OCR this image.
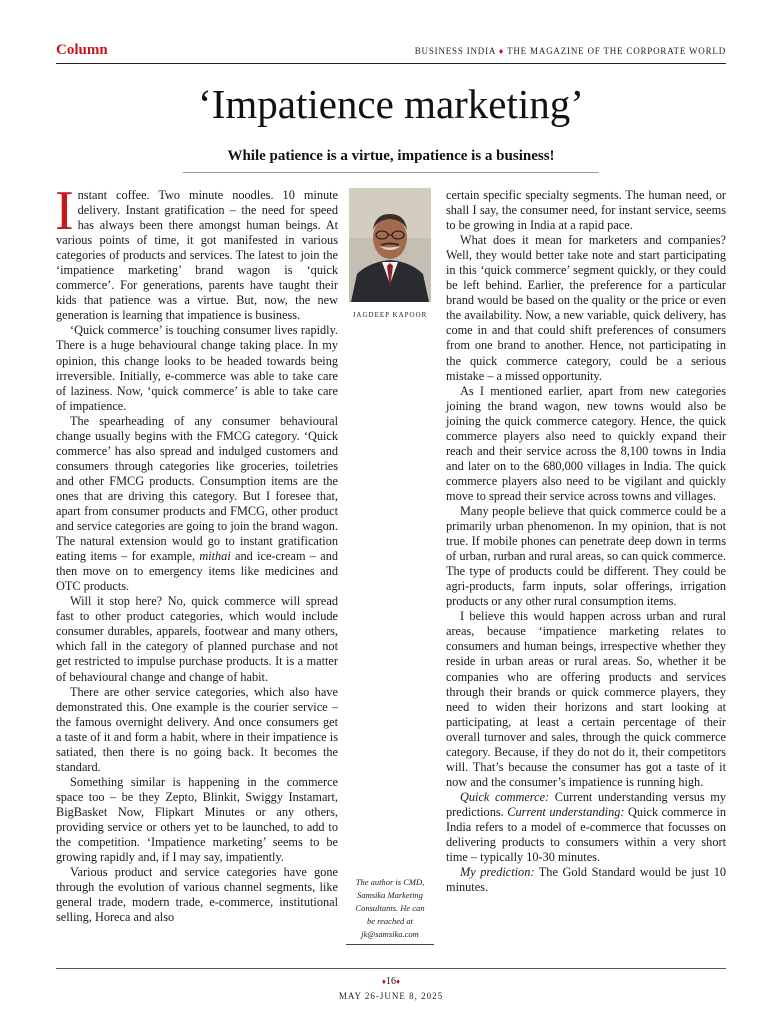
Column	BUSINESS INDIA ♦ THE MAGAZINE OF THE CORPORATE WORLD
‘Impatience marketing’
While patience is a virtue, impatience is a business!

Instant coffee. Two minute noodles. 10 minute delivery. Instant gratification – the need for speed has always been there amongst human beings. At various points of time, it got manifested in various categories of products and services. The latest to join the ‘impatience marketing’ brand wagon is ‘quick commerce’. For generations, parents have taught their kids that patience was a virtue. But, now, the new generation is learning that impatience is business.

‘Quick commerce’ is touching consumer lives rapidly. There is a huge behavioural change taking place. In my opinion, this change looks to be headed towards being irreversible. Initially, e-commerce was able to take care of laziness. Now, ‘quick commerce’ is able to take care of impatience.

The spearheading of any consumer behavioural change usually begins with the FMCG category. ‘Quick commerce’ has also spread and indulged customers and consumers through categories like groceries, toiletries and other FMCG products. Consumption items are the ones that are driving this category. But I foresee that, apart from consumer products and FMCG, other product and service categories are going to join the brand wagon. The natural extension would go to instant gratification eating items – for example, mithai and ice-cream – and then move on to emergency items like medicines and OTC products.

Will it stop here? No, quick commerce will spread fast to other product categories, which would include consumer durables, apparels, footwear and many others, which fall in the category of planned purchase and not get restricted to impulse purchase products. It is a matter of behavioural change and change of habit.

There are other service categories, which also have demonstrated this. One example is the courier service – the famous overnight delivery. And once consumers get a taste of it and form a habit, where in their impatience is satiated, then there is no going back. It becomes the standard.

Something similar is happening in the commerce space too – be they Zepto, Blinkit, Swiggy Instamart, BigBasket Now, Flipkart Minutes or any others, providing service or others yet to be launched, to add to the competition. ‘Impatience marketing’ seems to be growing rapidly and, if I may say, impatiently.

Various product and service categories have gone through the evolution of various channel segments, like general trade, modern trade, e-commerce, institutional selling, Horeca and also

JAGDEEP KAPOOR

certain specific specialty segments. The human need, or shall I say, the consumer need, for instant service, seems to be growing in India at a rapid pace.

What does it mean for marketers and companies? Well, they would better take note and start participating in this ‘quick commerce’ segment quickly, or they could be left behind. Earlier, the preference for a particular brand would be based on the quality or the price or even the availability. Now, a new variable, quick delivery, has come in and that could shift preferences of consumers from one brand to another. Hence, not participating in the quick commerce category, could be a serious mistake – a missed opportunity.

As I mentioned earlier, apart from new categories joining the brand wagon, new towns would also be joining the quick commerce category. Hence, the quick commerce players also need to quickly expand their reach and their service across the 8,100 towns in India and later on to the 680,000 villages in India. The quick commerce players also need to be vigilant and quickly move to spread their service across towns and villages.

Many people believe that quick commerce could be a primarily urban phenomenon. In my opinion, that is not true. If mobile phones can penetrate deep down in terms of urban, rurban and rural areas, so can quick commerce. The type of products could be different. They could be agri-products, farm inputs, solar offerings, irrigation products or any other rural consumption items.

I believe this would happen across urban and rural areas, because ‘impatience marketing relates to consumers and human beings, irrespective whether they reside in urban areas or rural areas. So, whether it be companies who are offering products and services through their brands or quick commerce players, they need to widen their horizons and start looking at participating, at least a certain percentage of their overall turnover and sales, through the quick commerce category. Because, if they do not do it, their competitors will. That’s because the consumer has got a taste of it now and the consumer’s impatience is running high.

Quick commerce: Current understanding versus my predictions. Current understanding: Quick commerce in India refers to a model of e-commerce that focusses on delivering products to consumers within a very short time – typically 10-30 minutes.

My prediction: The Gold Standard would be just 10 minutes.

The author is CMD,
Samsika Marketing
Consultants. He can
be reached at

jk@samsika.com
♦16♦
MAY 26-JUNE 8, 2025
